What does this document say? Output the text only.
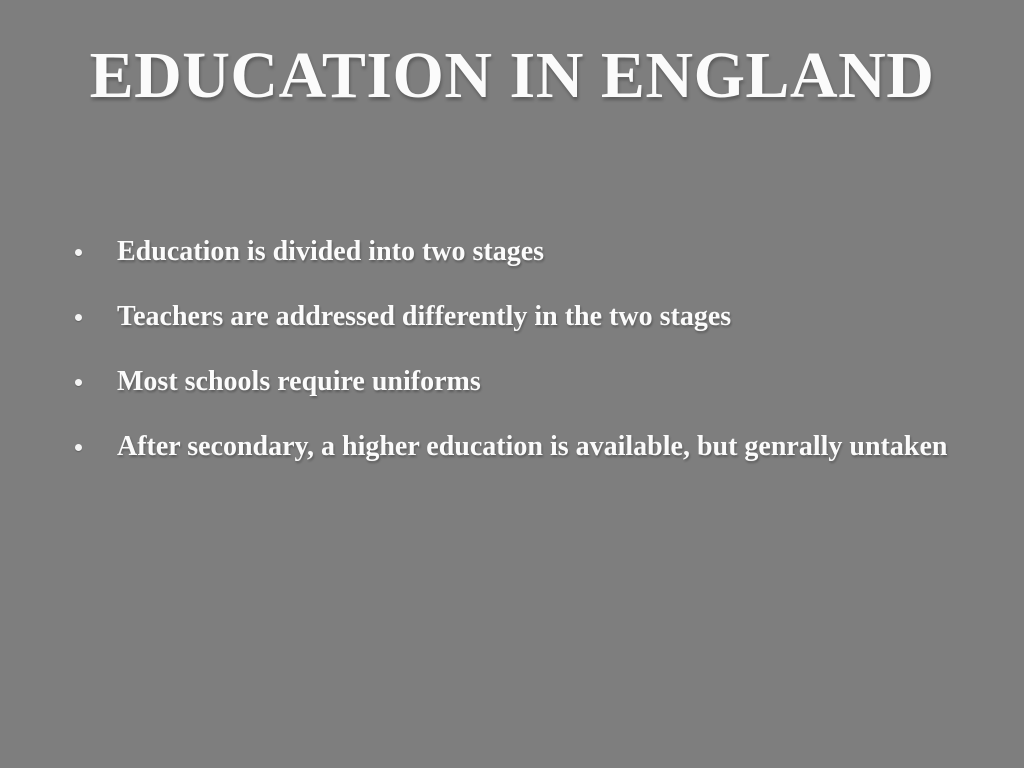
EDUCATION IN ENGLAND
Education is divided into two stages
Teachers are addressed differently in the two stages
Most schools require uniforms
After secondary, a higher education is available, but genrally untaken
